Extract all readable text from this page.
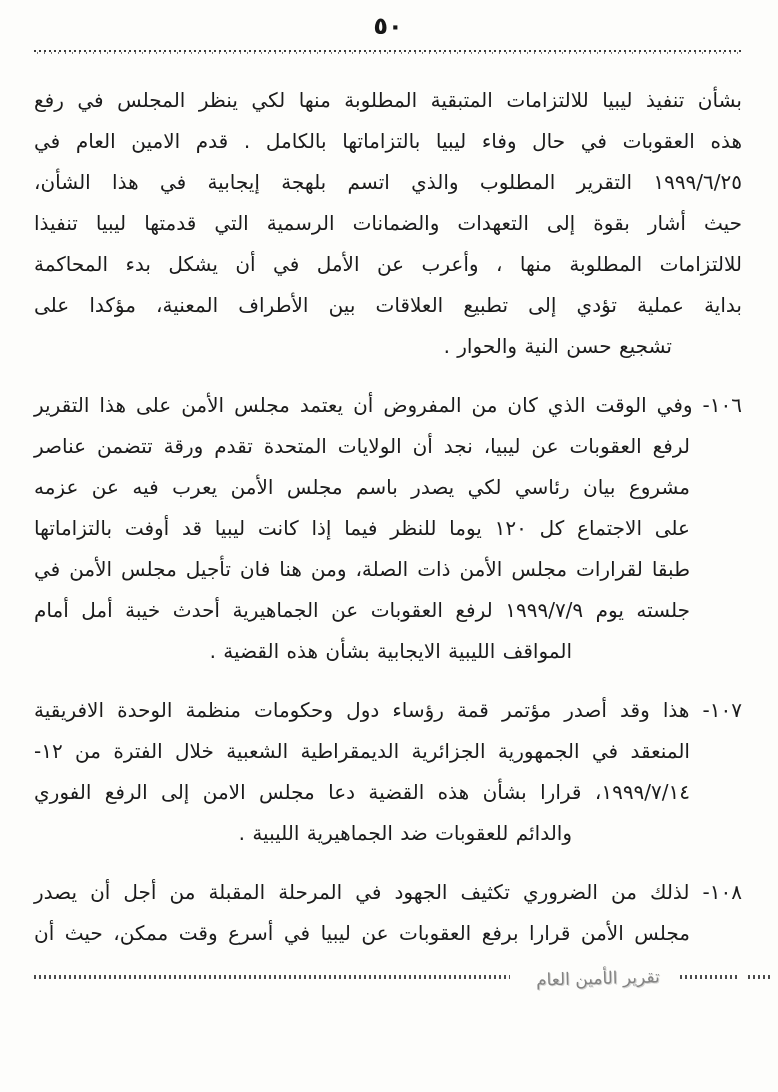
٥٠
بشأن تنفيذ ليبيا للالتزامات المتبقية المطلوبة منها لكي ينظر المجلس في رفع
هذه العقوبات في حال وفاء ليبيا بالتزاماتها بالكامل . قدم الامين العام في
١٩٩٩/٦/٢٥ التقرير المطلوب والذي اتسم بلهجة إيجابية في هذا الشأن،
حيث أشار بقوة إلى التعهدات والضمانات الرسمية التي قدمتها ليبيا تنفيذا
للالتزامات المطلوبة منها ، وأعرب عن الأمل في أن يشكل بدء المحاكمة
بداية عملية تؤدي إلى تطبيع العلاقات بين الأطراف المعنية، مؤكدا على
تشجيع حسن النية والحوار .
١٠٦- وفي الوقت الذي كان من المفروض أن يعتمد مجلس الأمن على هذا التقرير
لرفع العقوبات عن ليبيا، نجد أن الولايات المتحدة تقدم ورقة تتضمن عناصر
مشروع بيان رئاسي لكي يصدر باسم مجلس الأمن يعرب فيه عن عزمه
على الاجتماع كل ١٢٠ يوما للنظر فيما إذا كانت ليبيا قد أوفت بالتزاماتها
طبقا لقرارات مجلس الأمن ذات الصلة، ومن هنا فان تأجيل مجلس الأمن في
جلسته يوم ١٩٩٩/٧/٩ لرفع العقوبات عن الجماهيرية أحدث خيبة أمل أمام
المواقف الليبية الايجابية بشأن هذه القضية .
١٠٧- هذا وقد أصدر مؤتمر قمة رؤساء دول وحكومات منظمة الوحدة الافريقية
المنعقد في الجمهورية الجزائرية الديمقراطية الشعبية خلال الفترة من ١٢-
١٩٩٩/٧/١٤، قرارا بشأن هذه القضية دعا مجلس الامن إلى الرفع الفوري
والدائم للعقوبات ضد الجماهيرية الليبية .
١٠٨- لذلك من الضروري تكثيف الجهود في المرحلة المقبلة من أجل أن يصدر
مجلس الأمن قرارا برفع العقوبات عن ليبيا في أسرع وقت ممكن، حيث أن
تقرير الأمين العام
